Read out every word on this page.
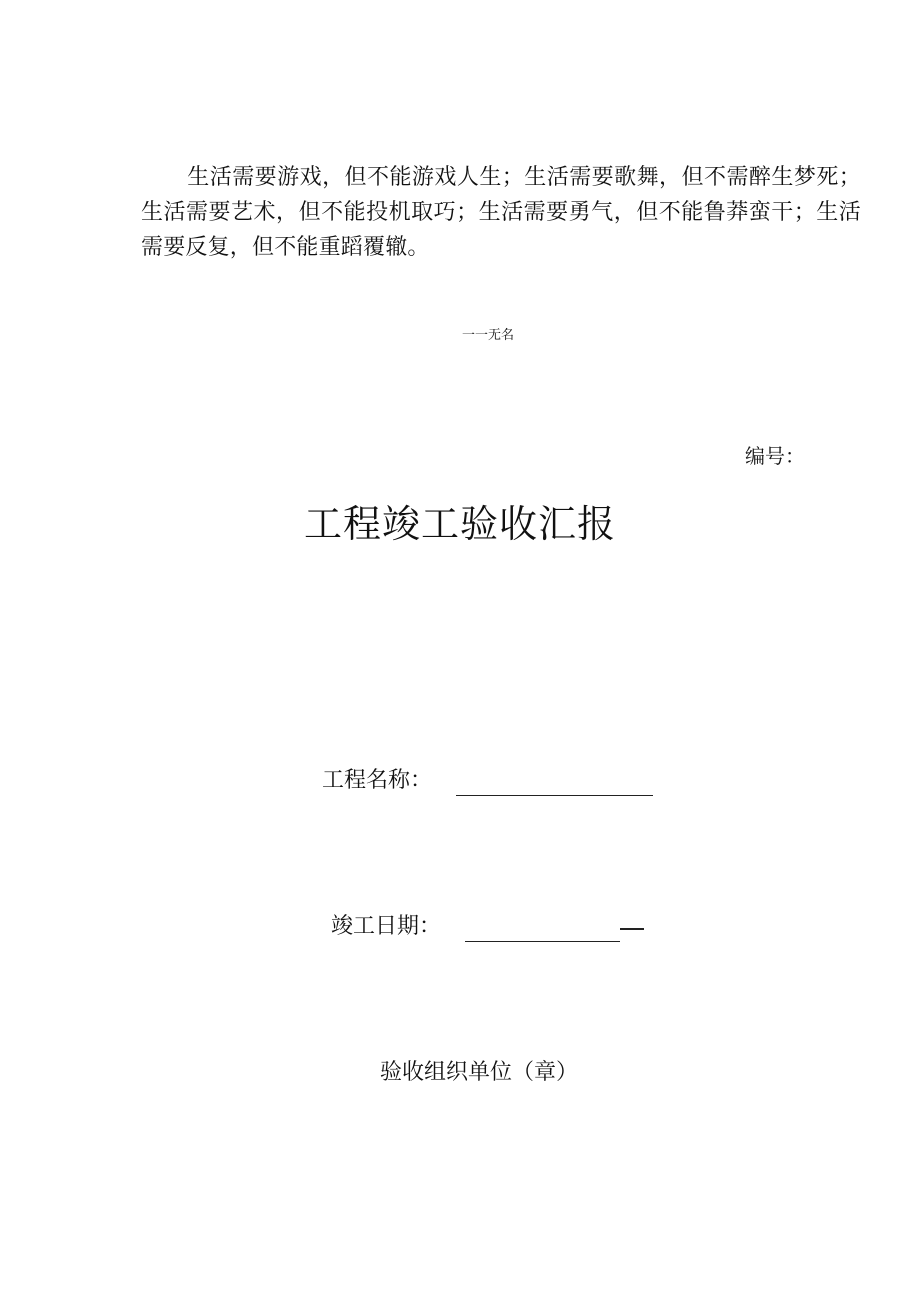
生活需要游戏，但不能游戏人生；生活需要歌舞，但不需醉生梦死；生活需要艺术，但不能投机取巧；生活需要勇气，但不能鲁莽蛮干；生活需要反复，但不能重蹈覆辙。

一一无名
编号：
工程竣工验收汇报
工程名称：
竣工日期：
验收组织单位（章）
